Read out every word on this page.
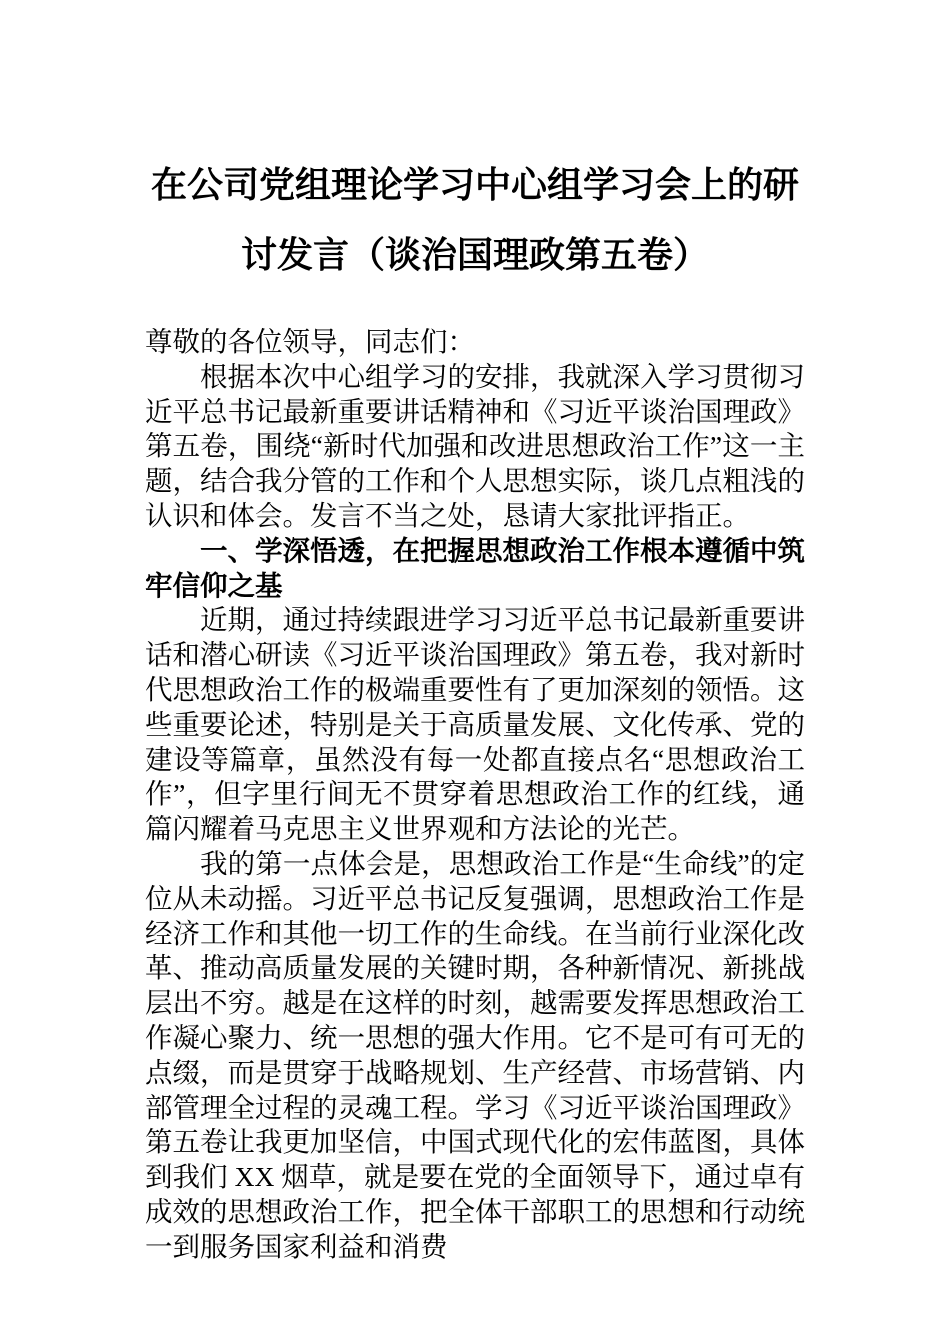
在公司党组理论学习中心组学习会上的研讨发言（谈治国理政第五卷）

尊敬的各位领导，同志们：

根据本次中心组学习的安排，我就深入学习贯彻习近平总书记最新重要讲话精神和《习近平谈治国理政》第五卷，围绕“新时代加强和改进思想政治工作”这一主题，结合我分管的工作和个人思想实际，谈几点粗浅的认识和体会。发言不当之处，恳请大家批评指正。

一、学深悟透，在把握思想政治工作根本遵循中筑牢信仰之基

近期，通过持续跟进学习习近平总书记最新重要讲话和潜心研读《习近平谈治国理政》第五卷，我对新时代思想政治工作的极端重要性有了更加深刻的领悟。这些重要论述，特别是关于高质量发展、文化传承、党的建设等篇章，虽然没有每一处都直接点名“思想政治工作”，但字里行间无不贯穿着思想政治工作的红线，通篇闪耀着马克思主义世界观和方法论的光芒。

我的第一点体会是，思想政治工作是“生命线”的定位从未动摇。习近平总书记反复强调，思想政治工作是经济工作和其他一切工作的生命线。在当前行业深化改革、推动高质量发展的关键时期，各种新情况、新挑战层出不穷。越是在这样的时刻，越需要发挥思想政治工作凝心聚力、统一思想的强大作用。它不是可有可无的点缀，而是贯穿于战略规划、生产经营、市场营销、内部管理全过程的灵魂工程。学习《习近平谈治国理政》第五卷让我更加坚信，中国式现代化的宏伟蓝图，具体到我们 XX 烟草，就是要在党的全面领导下，通过卓有成效的思想政治工作，把全体干部职工的思想和行动统一到服务国家利益和消费
